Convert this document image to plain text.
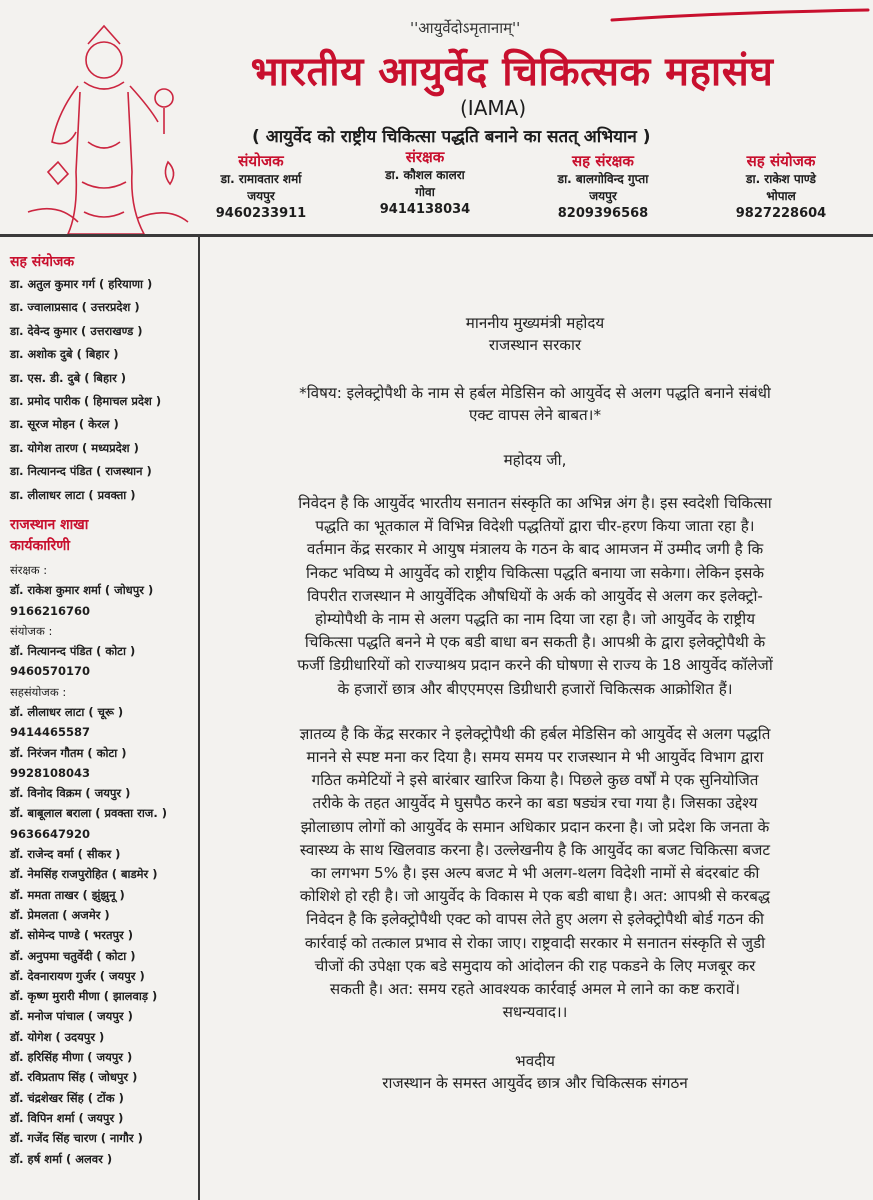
''आयुर्वेदोऽमृतानाम्''
भारतीय आयुर्वेद चिकित्सक महासंघ
(IAMA)
( आयुर्वेद को राष्ट्रीय चिकित्सा पद्धति बनाने का सतत् अभियान )
संयोजक
डा. रामावतार शर्मा
जयपुर
9460233911
संरक्षक
डा. कौशल कालरा
गोवा
9414138034
सह संरक्षक
डा. बालगोविन्द गुप्ता
जयपुर
8209396568
सह संयोजक
डा. राकेश पाण्डे
भोपाल
9827228604
सह संयोजक
डा. अतुल कुमार गर्ग ( हरियाणा )
डा. ज्वालाप्रसाद ( उत्तरप्रदेश )
डा. देवेन्द कुमार ( उत्तराखण्ड )
डा. अशोक दुबे ( बिहार )
डा. एस. डी. दुबे ( बिहार )
डा. प्रमोद पारीक ( हिमाचल प्रदेश )
डा. सूरज मोहन ( केरल )
डा. योगेश तारण ( मध्यप्रदेश )
डा. नित्यानन्द पंडित ( राजस्थान )
डा. लीलाधर लाटा ( प्रवक्ता )
राजस्थान शाखा
कार्यकारिणी
संरक्षक :
डॉ. राकेश कुमार शर्मा ( जोधपुर )
9166216760
संयोजक :
डॉ. नित्यानन्द पंडित ( कोटा )
9460570170
सहसंयोजक :
डॉ. लीलाधर लाटा ( चूरू )
9414465587
डॉ. निरंजन गौतम ( कोटा )
9928108043
डॉ. विनोद विक्रम ( जयपुर )
डॉ. बाबूलाल बराला ( प्रवक्ता राज. )
9636647920
डॉ. राजेन्द वर्मा ( सीकर )
डॉ. नेमसिंह राजपुरोहित ( बाडमेर )
डॉ. ममता ताखर ( झुंझुनू )
डॉ. प्रेमलता ( अजमेर )
डॉ. सोमेन्द पाण्डे ( भरतपुर )
डॉ. अनुपमा चतुर्वेदी ( कोटा )
डॉ. देवनारायण गुर्जर ( जयपुर )
डॉ. कृष्ण मुरारी मीणा ( झालवाड़ )
डॉ. मनोज पांचाल ( जयपुर )
डॉ. योगेश ( उदयपुर )
डॉ. हरिसिंह मीणा ( जयपुर )
डॉ. रविप्रताप सिंह ( जोधपुर )
डॉ. चंद्रशेखर सिंह ( टोंक )
डॉ. विपिन शर्मा ( जयपुर )
डॉ. गजेंद सिंह चारण ( नागौर )
डॉ. हर्ष शर्मा ( अलवर )
माननीय मुख्यमंत्री महोदय
राजस्थान सरकार
*विषय: इलेक्ट्रोपैथी के नाम से हर्बल मेडिसिन को आयुर्वेद से अलग पद्धति बनाने संबंधी
एक्ट वापस लेने बाबत।*
महोदय जी,
निवेदन है कि आयुर्वेद भारतीय सनातन संस्कृति का अभिन्न अंग है। इस स्वदेशी चिकित्सा
पद्धति का भूतकाल में विभिन्न विदेशी पद्धतियों द्वारा चीर-हरण किया जाता रहा है।
वर्तमान केंद्र सरकार मे आयुष मंत्रालय के गठन के बाद आमजन में उम्मीद जगी है कि
निकट भविष्य मे आयुर्वेद को राष्ट्रीय चिकित्सा पद्धति बनाया जा सकेगा। लेकिन इसके
विपरीत राजस्थान मे आयुर्वेदिक औषधियों के अर्क को आयुर्वेद से अलग कर इलेक्ट्रो-
होम्योपैथी के नाम से अलग पद्धति का नाम दिया जा रहा है। जो आयुर्वेद के राष्ट्रीय
चिकित्सा पद्धति बनने मे एक बडी बाधा बन सकती है। आपश्री के द्वारा इलेक्ट्रोपैथी के
फर्जी डिग्रीधारियों को राज्याश्रय प्रदान करने की घोषणा से राज्य के 18 आयुर्वेद कॉलेजों
के हजारों छात्र और बीएएमएस डिग्रीधारी हजारों चिकित्सक आक्रोशित हैं।
ज्ञातव्य है कि केंद्र सरकार ने इलेक्ट्रोपैथी की हर्बल मेडिसिन को आयुर्वेद से अलग पद्धति
मानने से स्पष्ट मना कर दिया है। समय समय पर राजस्थान मे भी आयुर्वेद विभाग द्वारा
गठित कमेटियों ने इसे बारंबार खारिज किया है। पिछले कुछ वर्षों मे एक सुनियोजित
तरीके के तहत आयुर्वेद मे घुसपैठ करने का बडा षड्यंत्र रचा गया है। जिसका उद्देश्य
झोलाछाप लोगों को आयुर्वेद के समान अधिकार प्रदान करना है। जो प्रदेश कि जनता के
स्वास्थ्य के साथ खिलवाड करना है। उल्लेखनीय है कि आयुर्वेद का बजट चिकित्सा बजट
का लगभग 5% है। इस अल्प बजट मे भी अलग-थलग विदेशी नामों से बंदरबांट की
कोशिशे हो रही है। जो आयुर्वेद के विकास मे एक बडी बाधा है। अत: आपश्री से करबद्ध
निवेदन है कि इलेक्ट्रोपैथी एक्ट को वापस लेते हुए अलग से इलेक्ट्रोपैथी बोर्ड गठन की
कार्रवाई को तत्काल प्रभाव से रोका जाए। राष्ट्रवादी सरकार मे सनातन संस्कृति से जुडी
चीजों की उपेक्षा एक बडे समुदाय को आंदोलन की राह पकडने के लिए मजबूर कर
सकती है। अत: समय रहते आवश्यक कार्रवाई अमल मे लाने का कष्ट करावें।
सधन्यवाद।।
भवदीय
राजस्थान के समस्त आयुर्वेद छात्र और चिकित्सक संगठन
